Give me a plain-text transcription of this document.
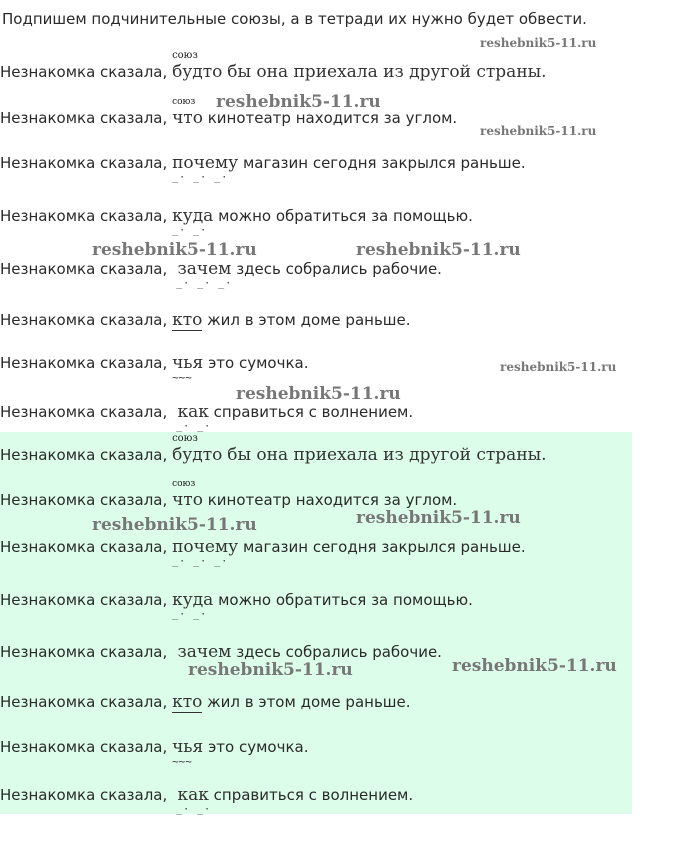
Подпишем подчинительные союзы, а в тетради их нужно будет обвести.
Незнакомка сказала,
союз
будто бы она приехала из другой страны.
Незнакомка сказала,
союз
что кинотеатр находится за углом.
Незнакомка сказала, почему
_· _· _·
магазин сегодня закрылся раньше.
Незнакомка сказала, куда
_· _·
можно обратиться за помощью.
Незнакомка сказала, зачем
_· _· _·
здесь собрались рабочие.
Незнакомка сказала, кто жил в этом доме раньше.
Незнакомка сказала, чья
~~~
это сумочка.
Незнакомка сказала, как
_· _·
справиться с волнением.
Незнакомка сказала,
союз
будто бы она приехала из другой страны.
Незнакомка сказала,
союз
что кинотеатр находится за углом.
Незнакомка сказала, почему
_· _· _·
магазин сегодня закрылся раньше.
Незнакомка сказала, куда
_· _·
можно обратиться за помощью.
Незнакомка сказала, зачем здесь собрались рабочие.
Незнакомка сказала, кто жил в этом доме раньше.
Незнакомка сказала, чья
~~~
это сумочка.
Незнакомка сказала, как
_· _·
справиться с волнением.
reshebnik5-11.ru
reshebnik5-11.ru
reshebnik5-11.ru
reshebnik5-11.ru	reshebnik5-11.ru
reshebnik5-11.ru
reshebnik5-11.ru
reshebnik5-11.ru	reshebnik5-11.ru
reshebnik5-11.ru	reshebnik5-11.ru
